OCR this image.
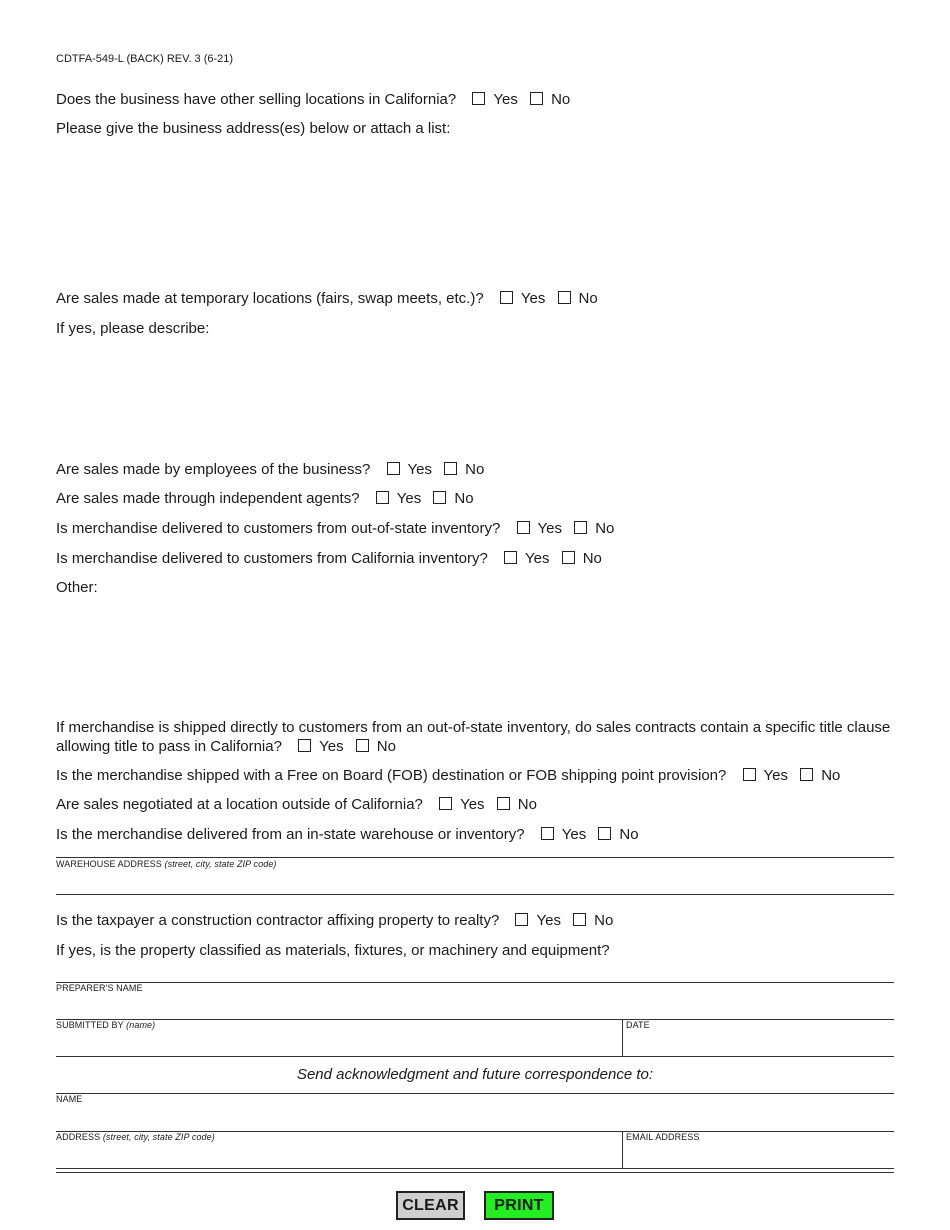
CDTFA-549-L (BACK) REV. 3 (6-21)
Does the business have other selling locations in California? Yes No
Please give the business address(es) below or attach a list:
Are sales made at temporary locations (fairs, swap meets, etc.)? Yes No
If yes, please describe:
Are sales made by employees of the business? Yes No
Are sales made through independent agents? Yes No
Is merchandise delivered to customers from out-of-state inventory? Yes No
Is merchandise delivered to customers from California inventory? Yes No
Other:
If merchandise is shipped directly to customers from an out-of-state inventory, do sales contracts contain a specific title clause allowing title to pass in California? Yes No
Is the merchandise shipped with a Free on Board (FOB) destination or FOB shipping point provision? Yes No
Are sales negotiated at a location outside of California? Yes No
Is the merchandise delivered from an in-state warehouse or inventory? Yes No
WAREHOUSE ADDRESS (street, city, state ZIP code)
Is the taxpayer a construction contractor affixing property to realty? Yes No
If yes, is the property classified as materials, fixtures, or machinery and equipment?
PREPARER'S NAME
SUBMITTED BY (name)	DATE
Send acknowledgment and future correspondence to:
NAME
ADDRESS (street, city, state ZIP code)	EMAIL ADDRESS
CLEAR	PRINT
